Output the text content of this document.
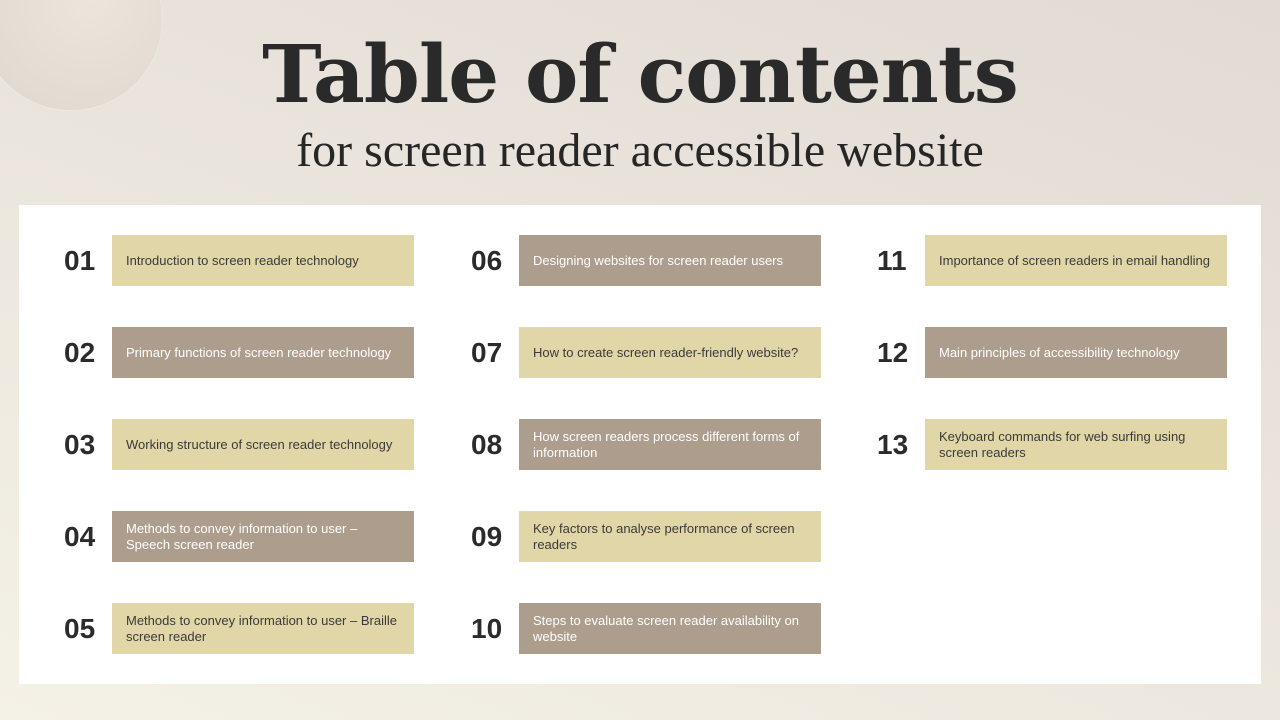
Table of contents
for screen reader accessible website
01	Introduction to screen reader technology
02	Primary functions of screen reader technology
03	Working structure of screen reader technology
04	Methods to convey information to user – Speech screen reader
05	Methods to convey information to user – Braille screen reader
06	Designing websites for screen reader users
07	How to create screen reader-friendly website?
08	How screen readers process different forms of information
09	Key factors to analyse performance of screen readers
10	Steps to evaluate screen reader availability on website
11	Importance of screen readers in email handling
12	Main principles of accessibility technology
13	Keyboard commands for web surfing using screen readers
